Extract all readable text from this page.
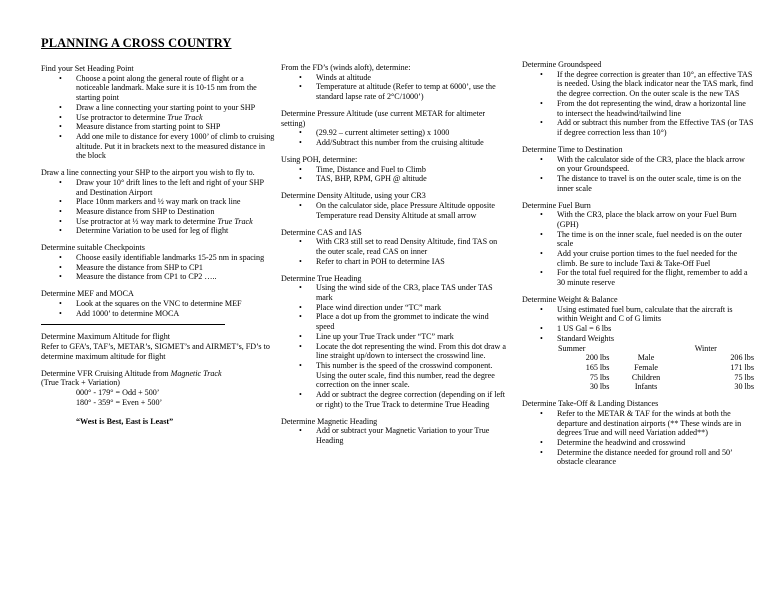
PLANNING A CROSS COUNTRY

Find your Set Heading Point

• Choose a point along the general route of flight or a noticeable landmark. Make sure it is 10-15 nm from the starting point
• Draw a line connecting your starting point to your SHP
• Use protractor to determine True Track
• Measure distance from starting point to SHP
• Add one mile to distance for every 1000’ of climb to cruising altitude. Put it in brackets next to the measured distance in the block

Draw a line connecting your SHP to the airport you wish to fly to.

• Draw your 10° drift lines to the left and right of your SHP and Destination Airport
• Place 10nm markers and ½ way mark on track line
• Measure distance from SHP to Destination
• Use protractor at ½ way mark to determine True Track
• Determine Variation to be used for leg of flight

Determine suitable Checkpoints

• Choose easily identifiable landmarks 15-25 nm in spacing
• Measure the distance from SHP to CP1
• Measure the distance from CP1 to CP2 …..

Determine MEF and MOCA

• Look at the squares on the VNC to determine MEF
• Add 1000’ to determine MOCA

Determine Maximum Altitude for flight

Refer to GFA’s, TAF’s, METAR’s, SIGMET’s and AIRMET’s, FD’s to determine maximum altitude for flight

Determine VFR Cruising Altitude from Magnetic Track

(True Track + Variation)

000° - 179° = Odd + 500’

180° - 359° = Even + 500’

“West is Best, East is Least”

From the FD’s (winds aloft), determine:

• Winds at altitude
• Temperature at altitude (Refer to temp at 6000’, use the standard lapse rate of 2°C/1000’)

Determine Pressure Altitude (use current METAR for altimeter setting)

• (29.92 – current altimeter setting) x 1000
• Add/Subtract this number from the cruising altitude

Using POH, determine:

• Time, Distance and Fuel to Climb
• TAS, BHP, RPM, GPH @ altitude

Determine Density Altitude, using your CR3

• On the calculator side, place Pressure Altitude opposite Temperature read Density Altitude at small arrow

Determine CAS and IAS

• With CR3 still set to read Density Altitude, find TAS on the outer scale, read CAS on inner
• Refer to chart in POH to determine IAS

Determine True Heading

• Using the wind side of the CR3, place TAS under TAS mark
• Place wind direction under “TC” mark
• Place a dot up from the grommet to indicate the wind speed
• Line up your True Track under “TC” mark
• Locate the dot representing the wind. From this dot draw a line straight up/down to intersect the crosswind line.
• This number is the speed of the crosswind component. Using the outer scale, find this number, read the degree correction on the inner scale.
• Add or subtract the degree correction (depending on if left or right) to the True Track to determine True Heading

Determine Magnetic Heading

• Add or subtract your Magnetic Variation to your True Heading

Determine Groundspeed

• If the degree correction is greater than 10°, an effective TAS is needed. Using the black indicator near the TAS mark, find the degree correction. On the outer scale is the new TAS
• From the dot representing the wind, draw a horizontal line to intersect the headwind/tailwind line
• Add or subtract this number from the Effective TAS (or TAS if degree correction less than 10°)

Determine Time to Destination

• With the calculator side of the CR3, place the black arrow on your Groundspeed.
• The distance to travel is on the outer scale, time is on the inner scale

Determine Fuel Burn

• With the CR3, place the black arrow on your Fuel Burn (GPH)
• The time is on the inner scale, fuel needed is on the outer scale
• Add your cruise portion times to the fuel needed for the climb. Be sure to include Taxi & Take-Off Fuel
• For the total fuel required for the flight, remember to add a 30 minute reserve

Determine Weight & Balance

• Using estimated fuel burn, calculate that the aircraft is within Weight and C of G limits
• 1 US Gal = 6 lbs
• Standard Weights
Summer		Winter
200 lbs	Male	206 lbs
165 lbs	Female	171 lbs
75 lbs	Children	75 lbs
30 lbs	Infants	30 lbs

Determine Take-Off & Landing Distances

• Refer to the METAR & TAF for the winds at both the departure and destination airports (** These winds are in degrees True and will need Variation added**)
• Determine the headwind and crosswind
• Determine the distance needed for ground roll and 50’ obstacle clearance
